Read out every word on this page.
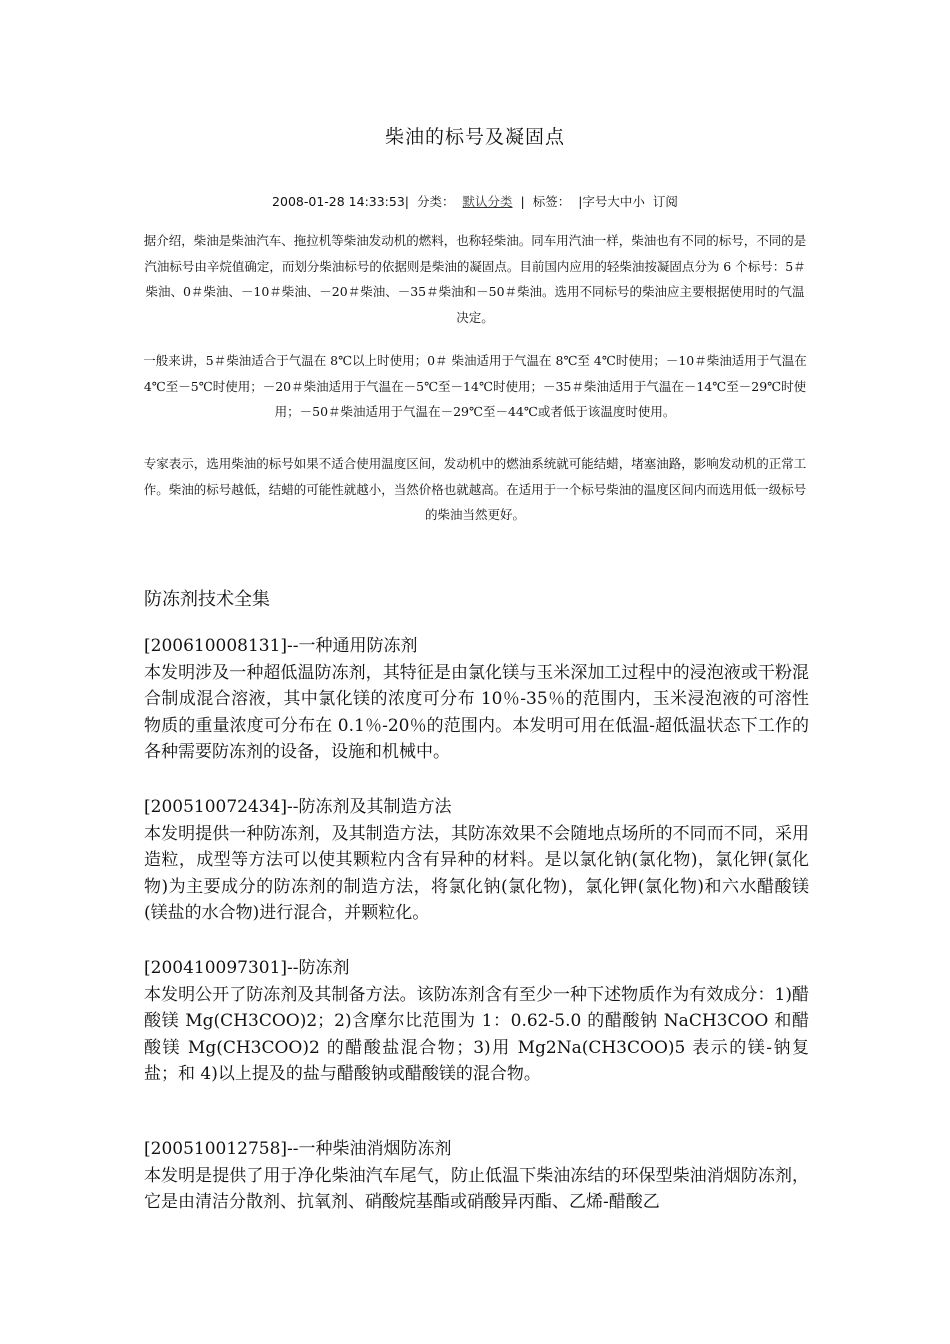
柴油的标号及凝固点
2008-01-28 14:33:53| 分类： 默认分类 | 标签： |字号大中小 订阅
据介绍，柴油是柴油汽车、拖拉机等柴油发动机的燃料，也称轻柴油。同车用汽油一样，柴油也有不同的标号，不同的是汽油标号由辛烷值确定，而划分柴油标号的依据则是柴油的凝固点。目前国内应用的轻柴油按凝固点分为 6 个标号：5＃柴油、0＃柴油、－10＃柴油、－20＃柴油、－35＃柴油和－50＃柴油。选用不同标号的柴油应主要根据使用时的气温决定。
一般来讲，5＃柴油适合于气温在 8℃以上时使用；0＃ 柴油适用于气温在 8℃至 4℃时使用；－10＃柴油适用于气温在 4℃至－5℃时使用；－20＃柴油适用于气温在－5℃至－14℃时使用；－35＃柴油适用于气温在－14℃至－29℃时使用；－50＃柴油适用于气温在－29℃至－44℃或者低于该温度时使用。
专家表示，选用柴油的标号如果不适合使用温度区间，发动机中的燃油系统就可能结蜡，堵塞油路，影响发动机的正常工作。柴油的标号越低，结蜡的可能性就越小，当然价格也就越高。在适用于一个标号柴油的温度区间内而选用低一级标号的柴油当然更好。
防冻剂技术全集
[200610008131]--一种通用防冻剂
本发明涉及一种超低温防冻剂，其特征是由氯化镁与玉米深加工过程中的浸泡液或干粉混合制成混合溶液，其中氯化镁的浓度可分布 10％-35％的范围内，玉米浸泡液的可溶性物质的重量浓度可分布在 0.1％-20％的范围内。本发明可用在低温-超低温状态下工作的各种需要防冻剂的设备，设施和机械中。
[200510072434]--防冻剂及其制造方法
本发明提供一种防冻剂，及其制造方法，其防冻效果不会随地点场所的不同而不同，采用造粒，成型等方法可以使其颗粒内含有异种的材料。是以氯化钠(氯化物)，氯化钾(氯化物)为主要成分的防冻剂的制造方法，将氯化钠(氯化物)，氯化钾(氯化物)和六水醋酸镁(镁盐的水合物)进行混合，并颗粒化。
[200410097301]--防冻剂
本发明公开了防冻剂及其制备方法。该防冻剂含有至少一种下述物质作为有效成分：1)醋酸镁 Mg(CH3COO)2；2)含摩尔比范围为 1：0.62-5.0 的醋酸钠 NaCH3COO 和醋酸镁 Mg(CH3COO)2 的醋酸盐混合物；3)用 Mg2Na(CH3COO)5 表示的镁-钠复盐；和 4)以上提及的盐与醋酸钠或醋酸镁的混合物。
[200510012758]--一种柴油消烟防冻剂
本发明是提供了用于净化柴油汽车尾气，防止低温下柴油冻结的环保型柴油消烟防冻剂，它是由清洁分散剂、抗氧剂、硝酸烷基酯或硝酸异丙酯、乙烯-醋酸乙
